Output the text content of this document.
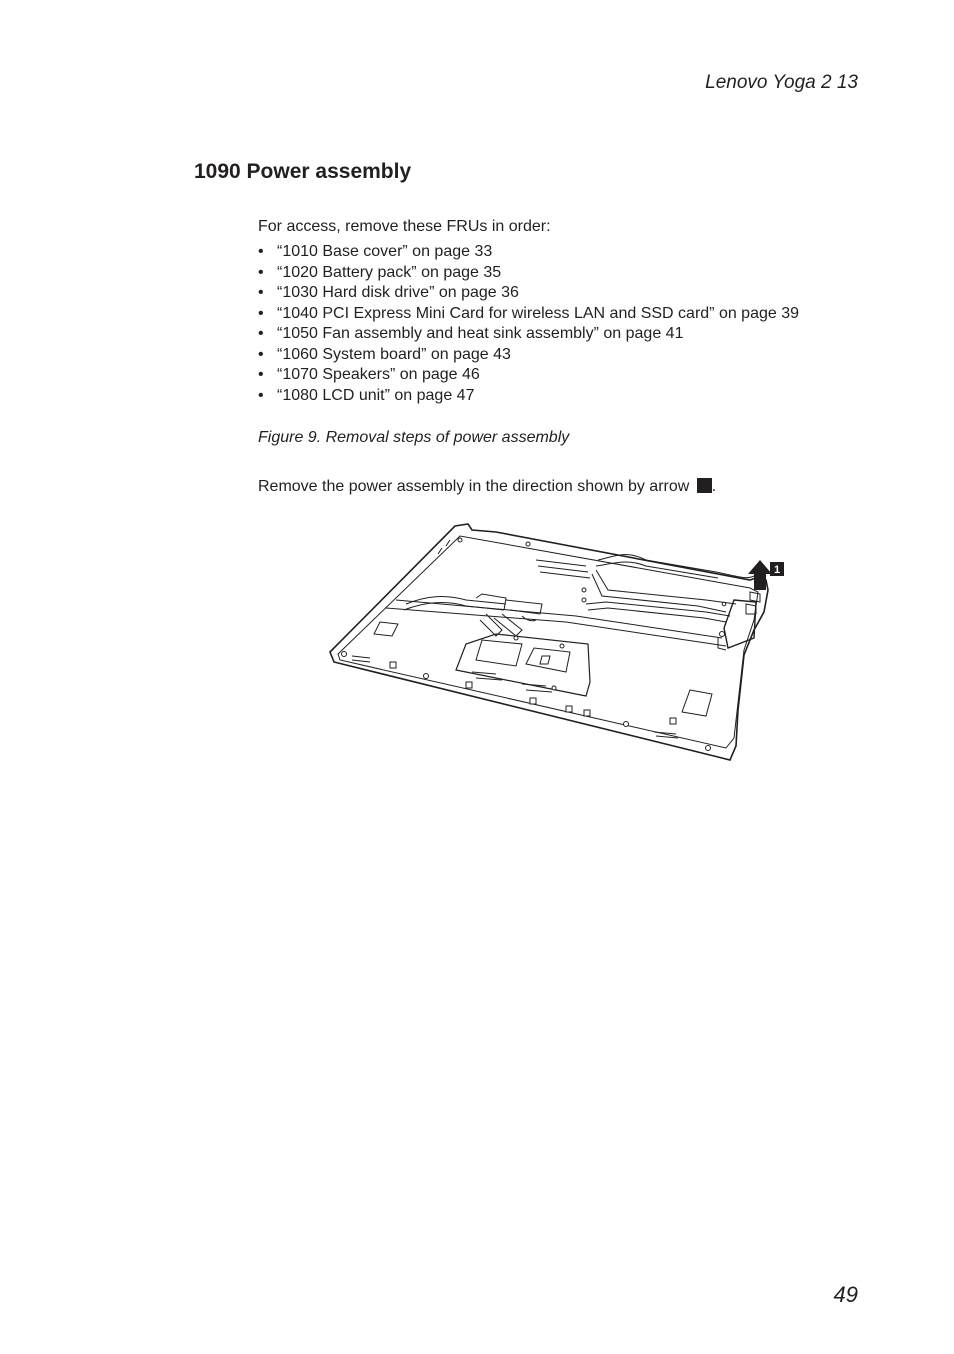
Lenovo Yoga 2 13
1090 Power assembly

For access, remove these FRUs in order:

• “1010 Base cover” on page 33
• “1020 Battery pack” on page 35
• “1030 Hard disk drive” on page 36
• “1040 PCI Express Mini Card for wireless LAN and SSD card” on page 39
• “1050 Fan assembly and heat sink assembly” on page 41
• “1060 System board” on page 43
• “1070 Speakers” on page 46
• “1080 LCD unit” on page 47

Figure 9. Removal steps of power assembly

Remove the power assembly in the direction shown by arrow .

1
49
